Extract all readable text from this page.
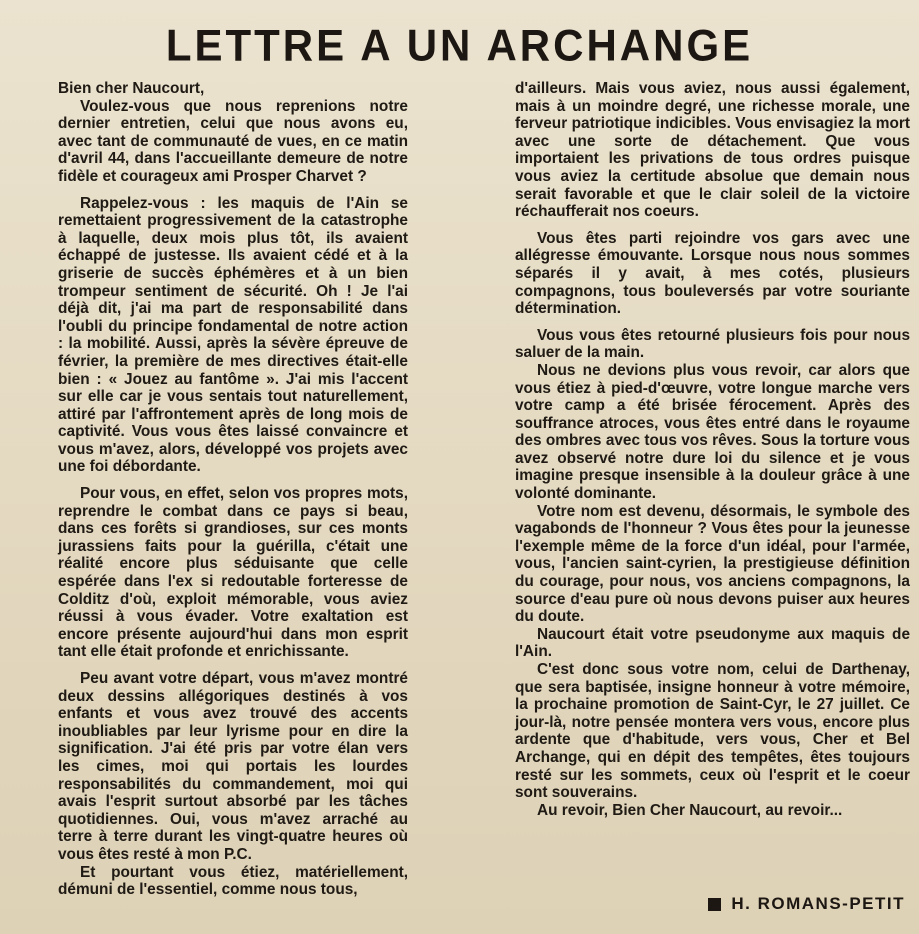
LETTRE A UN ARCHANGE

Bien cher Naucourt,

Voulez-vous que nous reprenions notre dernier entretien, celui que nous avons eu, avec tant de communauté de vues, en ce matin d'avril 44, dans l'accueillante demeure de notre fidèle et courageux ami Prosper Charvet ?

Rappelez-vous : les maquis de l'Ain se remettaient progressivement de la catastrophe à laquelle, deux mois plus tôt, ils avaient échappé de justesse. Ils avaient cédé et à la griserie de succès éphémères et à un bien trompeur sentiment de sécurité. Oh ! Je l'ai déjà dit, j'ai ma part de responsabilité dans l'oubli du principe fondamental de notre action : la mobilité. Aussi, après la sévère épreuve de février, la première de mes directives était-elle bien : « Jouez au fantôme ». J'ai mis l'accent sur elle car je vous sentais tout naturellement, attiré par l'affrontement après de long mois de captivité. Vous vous êtes laissé convaincre et vous m'avez, alors, développé vos projets avec une foi débordante.

Pour vous, en effet, selon vos propres mots, reprendre le combat dans ce pays si beau, dans ces forêts si grandioses, sur ces monts jurassiens faits pour la guérilla, c'était une réalité encore plus séduisante que celle espérée dans l'ex si redoutable forteresse de Colditz d'où, exploit mémorable, vous aviez réussi à vous évader. Votre exaltation est encore présente aujourd'hui dans mon esprit tant elle était profonde et enrichissante.

Peu avant votre départ, vous m'avez montré deux dessins allégoriques destinés à vos enfants et vous avez trouvé des accents inoubliables par leur lyrisme pour en dire la signification. J'ai été pris par votre élan vers les cimes, moi qui portais les lourdes responsabilités du commandement, moi qui avais l'esprit surtout absorbé par les tâches quotidiennes. Oui, vous m'avez arraché au terre à terre durant les vingt-quatre heures où vous êtes resté à mon P.C.

Et pourtant vous étiez, matériellement, démuni de l'essentiel, comme nous tous,

d'ailleurs. Mais vous aviez, nous aussi également, mais à un moindre degré, une richesse morale, une ferveur patriotique indicibles. Vous envisagiez la mort avec une sorte de détachement. Que vous importaient les privations de tous ordres puisque vous aviez la certitude absolue que demain nous serait favorable et que le clair soleil de la victoire réchaufferait nos coeurs.

Vous êtes parti rejoindre vos gars avec une allégresse émouvante. Lorsque nous nous sommes séparés il y avait, à mes cotés, plusieurs compagnons, tous bouleversés par votre souriante détermination.

Vous vous êtes retourné plusieurs fois pour nous saluer de la main.

Nous ne devions plus vous revoir, car alors que vous étiez à pied-d'œuvre, votre longue marche vers votre camp a été brisée férocement. Après des souffrance atroces, vous êtes entré dans le royaume des ombres avec tous vos rêves. Sous la torture vous avez observé notre dure loi du silence et je vous imagine presque insensible à la douleur grâce à une volonté dominante.

Votre nom est devenu, désormais, le symbole des vagabonds de l'honneur ? Vous êtes pour la jeunesse l'exemple même de la force d'un idéal, pour l'armée, vous, l'ancien saint-cyrien, la prestigieuse définition du courage, pour nous, vos anciens compagnons, la source d'eau pure où nous devons puiser aux heures du doute.

Naucourt était votre pseudonyme aux maquis de l'Ain.

C'est donc sous votre nom, celui de Darthenay, que sera baptisée, insigne honneur à votre mémoire, la prochaine promotion de Saint-Cyr, le 27 juillet. Ce jour-là, notre pensée montera vers vous, encore plus ardente que d'habitude, vers vous, Cher et Bel Archange, qui en dépit des tempêtes, êtes toujours resté sur les sommets, ceux où l'esprit et le coeur sont souverains.

Au revoir, Bien Cher Naucourt, au revoir...

H. ROMANS-PETIT
